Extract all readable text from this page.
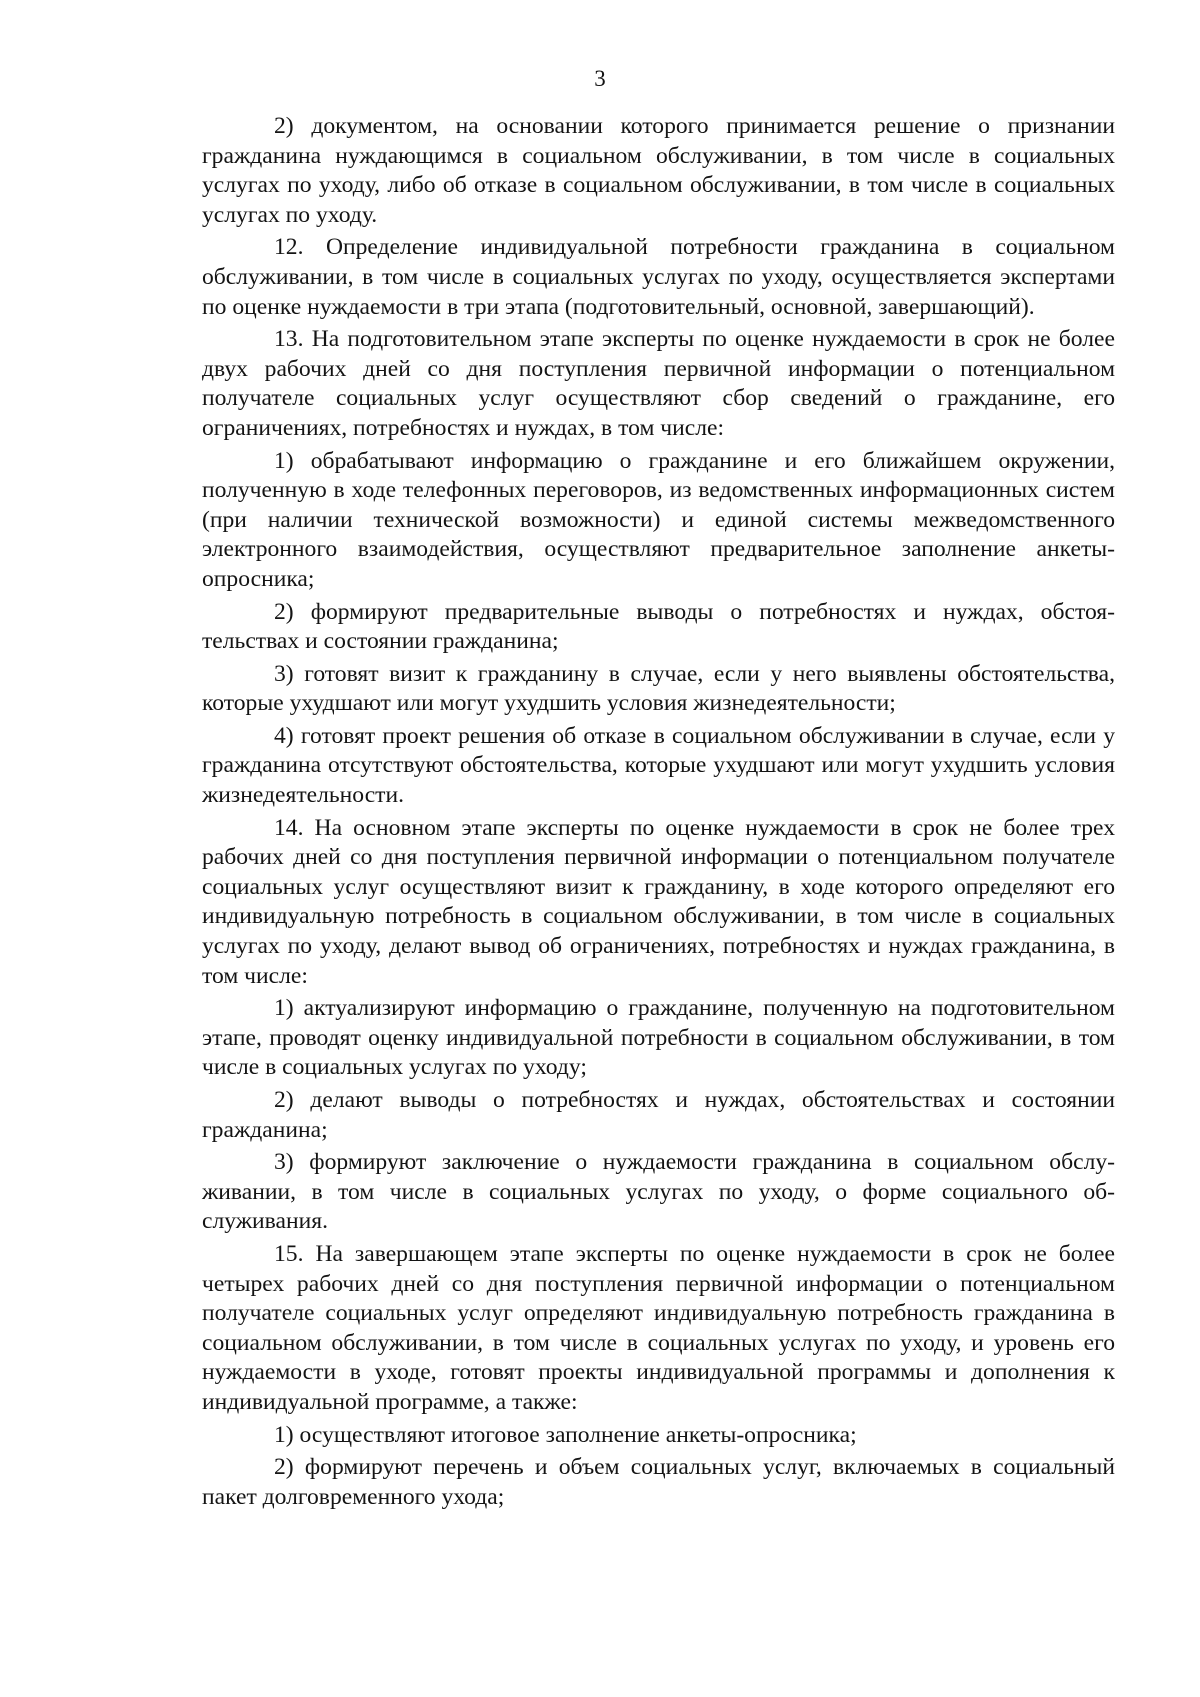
3

2) документом, на основании которого принимается решение о признании гражданина нуждающимся в социальном обслуживании, в том числе в социальных услугах по уходу, либо об отказе в социальном обслуживании, в том числе в социальных услугах по уходу.

12. Определение индивидуальной потребности гражданина в социальном обслуживании, в том числе в социальных услугах по уходу, осуществляется экспертами по оценке нуждаемости в три этапа (подготовительный, основной, завершающий).

13. На подготовительном этапе эксперты по оценке нуждаемости в срок не более двух рабочих дней со дня поступления первичной информации о потенциальном получателе социальных услуг осуществляют сбор сведений о гражданине, его ограничениях, потребностях и нуждах, в том числе:

1) обрабатывают информацию о гражданине и его ближайшем окружении, полученную в ходе телефонных переговоров, из ведомственных информационных систем (при наличии технической возможности) и единой системы межведомственного электронного взаимодействия, осуществляют предварительное заполнение анкеты-опросника;

2) формируют предварительные выводы о потребностях и нуждах, обстоятельствах и состоянии гражданина;

3) готовят визит к гражданину в случае, если у него выявлены обстоятельства, которые ухудшают или могут ухудшить условия жизнедеятельности;

4) готовят проект решения об отказе в социальном обслуживании в случае, если у гражданина отсутствуют обстоятельства, которые ухудшают или могут ухудшить условия жизнедеятельности.

14. На основном этапе эксперты по оценке нуждаемости в срок не более трех рабочих дней со дня поступления первичной информации о потенциальном получателе социальных услуг осуществляют визит к гражданину, в ходе которого определяют его индивидуальную потребность в социальном обслуживании, в том числе в социальных услугах по уходу, делают вывод об ограничениях, потребностях и нуждах гражданина, в том числе:

1) актуализируют информацию о гражданине, полученную на подготовительном этапе, проводят оценку индивидуальной потребности в социальном обслуживании, в том числе в социальных услугах по уходу;

2) делают выводы о потребностях и нуждах, обстоятельствах и состоянии гражданина;

3) формируют заключение о нуждаемости гражданина в социальном обслуживании, в том числе в социальных услугах по уходу, о форме социального обслуживания.

15. На завершающем этапе эксперты по оценке нуждаемости в срок не более четырех рабочих дней со дня поступления первичной информации о потенциальном получателе социальных услуг определяют индивидуальную потребность гражданина в социальном обслуживании, в том числе в социальных услугах по уходу, и уровень его нуждаемости в уходе, готовят проекты индивидуальной программы и дополнения к индивидуальной программе, а также:

1) осуществляют итоговое заполнение анкеты-опросника;

2) формируют перечень и объем социальных услуг, включаемых в социальный пакет долговременного ухода;
